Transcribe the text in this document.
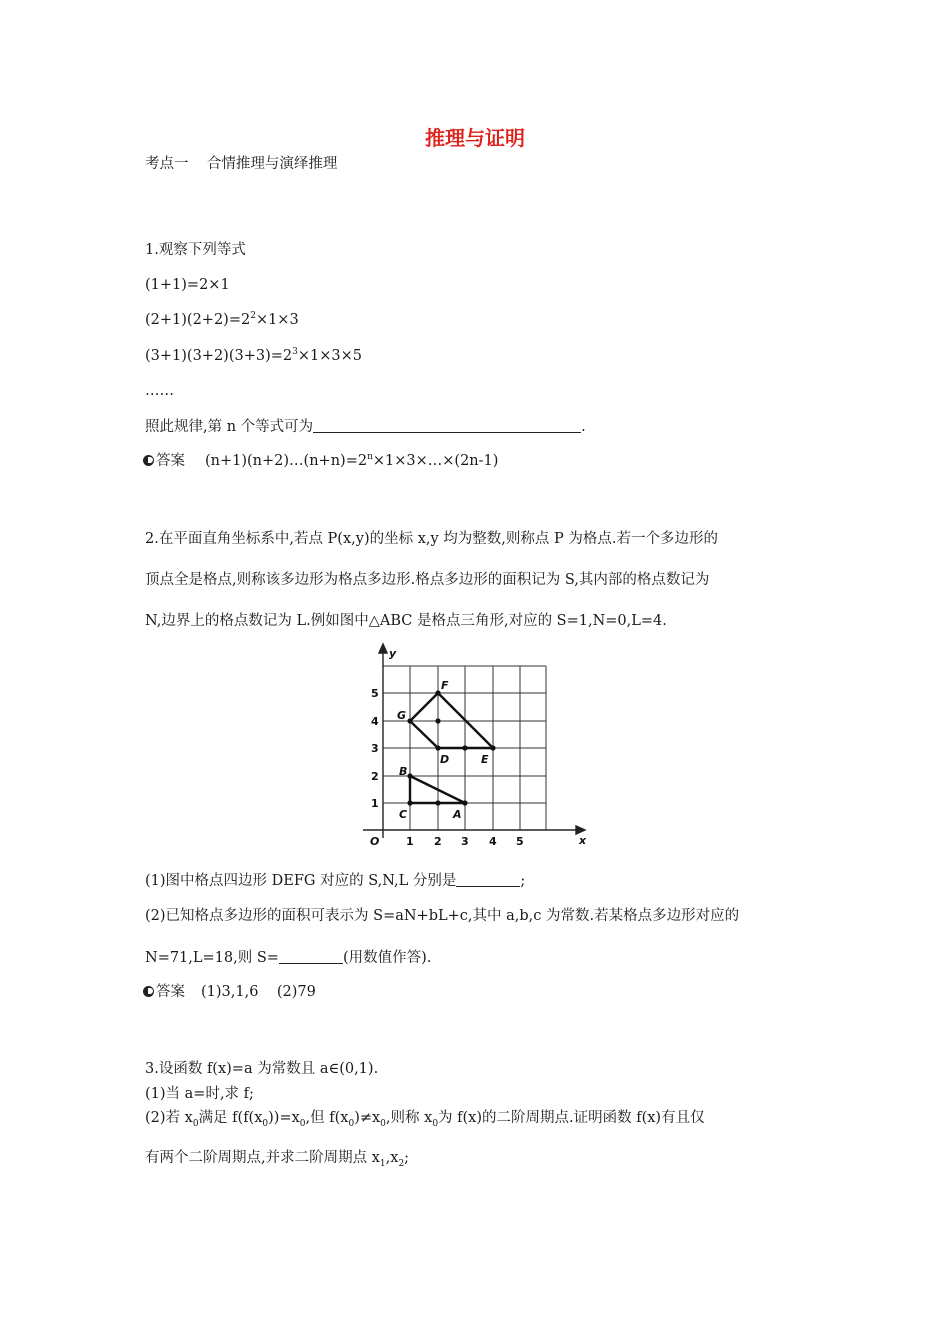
推理与证明
考点一    合情推理与演绎推理
1.观察下列等式
(1+1)=2×1
$(2+1)(2+2)=2^2\times 1\times 3$
$(3+1)(3+2)(3+3)=2^3\times 1\times 3\times 5$
……
照此规律,第 n 个等式可为	.
答案 $(n+1)(n+2)\dots(n+n)=2^n\times 1\times 3\times\dots\times(2n-1)$
2.在平面直角坐标系中,若点 P(x,y)的坐标 x,y 均为整数,则称点 P 为格点.若一个多边形的
顶点全是格点,则称该多边形为格点多边形.格点多边形的面积记为 S,其内部的格点数记为
N,边界上的格点数记为 L.例如图中△ABC 是格点三角形,对应的 S=1,N=0,L=4.
y
x
O 1 2 3 4 5
1
2
3
4
5
A
B
C
D	E
F
G
(1)图中格点四边形 DEFG 对应的 S,N,L 分别是	;
(2)已知格点多边形的面积可表示为 S=aN+bL+c,其中 a,b,c 为常数.若某格点多边形对应的
N=71,L=18,则 S=	(用数值作答).
答案 (1)3,1,6    (2)79
3.设函数 f(x)=a 为常数且 a∈(0,1).
(1)当 a=时,求 f;
(2)若 $x_0$满足 $f(f(x_0))=x_0$,但 $f(x_0)\ne x_0$,则称 $x_0$为 f(x)的二阶周期点.证明函数 f(x)有且仅
有两个二阶周期点,并求二阶周期点 $x_1,x_2$;
